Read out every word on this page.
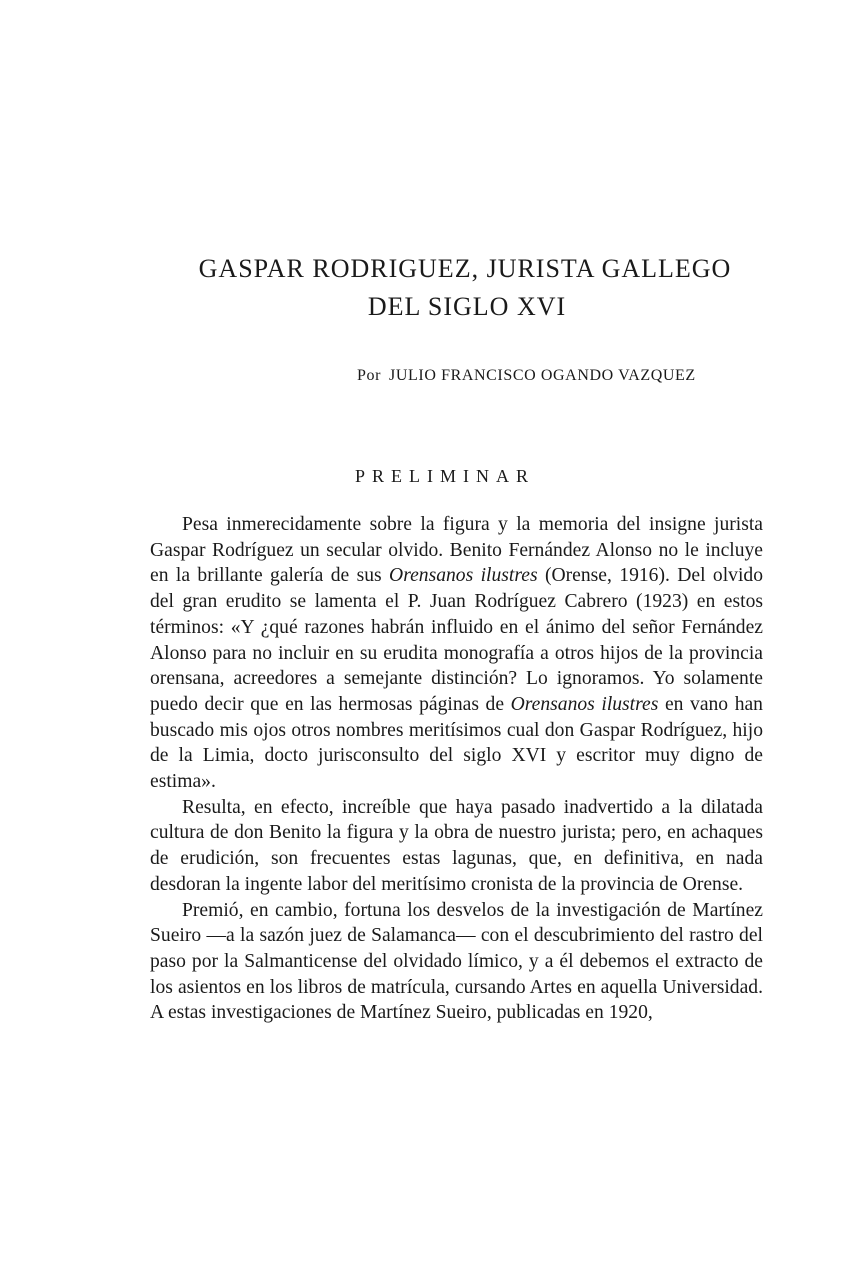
GASPAR RODRIGUEZ, JURISTA GALLEGO
DEL SIGLO XVI

Por JULIO FRANCISCO OGANDO VAZQUEZ

PRELIMINAR

Pesa inmerecidamente sobre la figura y la memoria del insigne jurista Gaspar Rodríguez un secular olvido. Benito Fernández Alonso no le incluye en la brillante galería de sus Orensanos ilustres (Orense, 1916). Del olvido del gran erudito se lamenta el P. Juan Rodríguez Cabrero (1923) en estos términos: «Y ¿qué razones habrán influido en el ánimo del señor Fernández Alonso para no incluir en su erudita monografía a otros hijos de la provincia orensana, acreedores a semejante distinción? Lo ignoramos. Yo solamente puedo decir que en las hermosas páginas de Orensanos ilustres en vano han buscado mis ojos otros nombres meritísimos cual don Gaspar Rodríguez, hijo de la Limia, docto jurisconsulto del siglo XVI y escritor muy digno de estima».

Resulta, en efecto, increíble que haya pasado inadvertido a la dilatada cultura de don Benito la figura y la obra de nuestro jurista; pero, en achaques de erudición, son frecuentes estas lagunas, que, en definitiva, en nada desdoran la ingente labor del meritísimo cronista de la provincia de Orense.

Premió, en cambio, fortuna los desvelos de la investigación de Martínez Sueiro —a la sazón juez de Salamanca— con el descubrimiento del rastro del paso por la Salmanticense del olvidado límico, y a él debemos el extracto de los asientos en los libros de matrícula, cursando Artes en aquella Universidad. A estas investigaciones de Martínez Sueiro, publicadas en 1920,
